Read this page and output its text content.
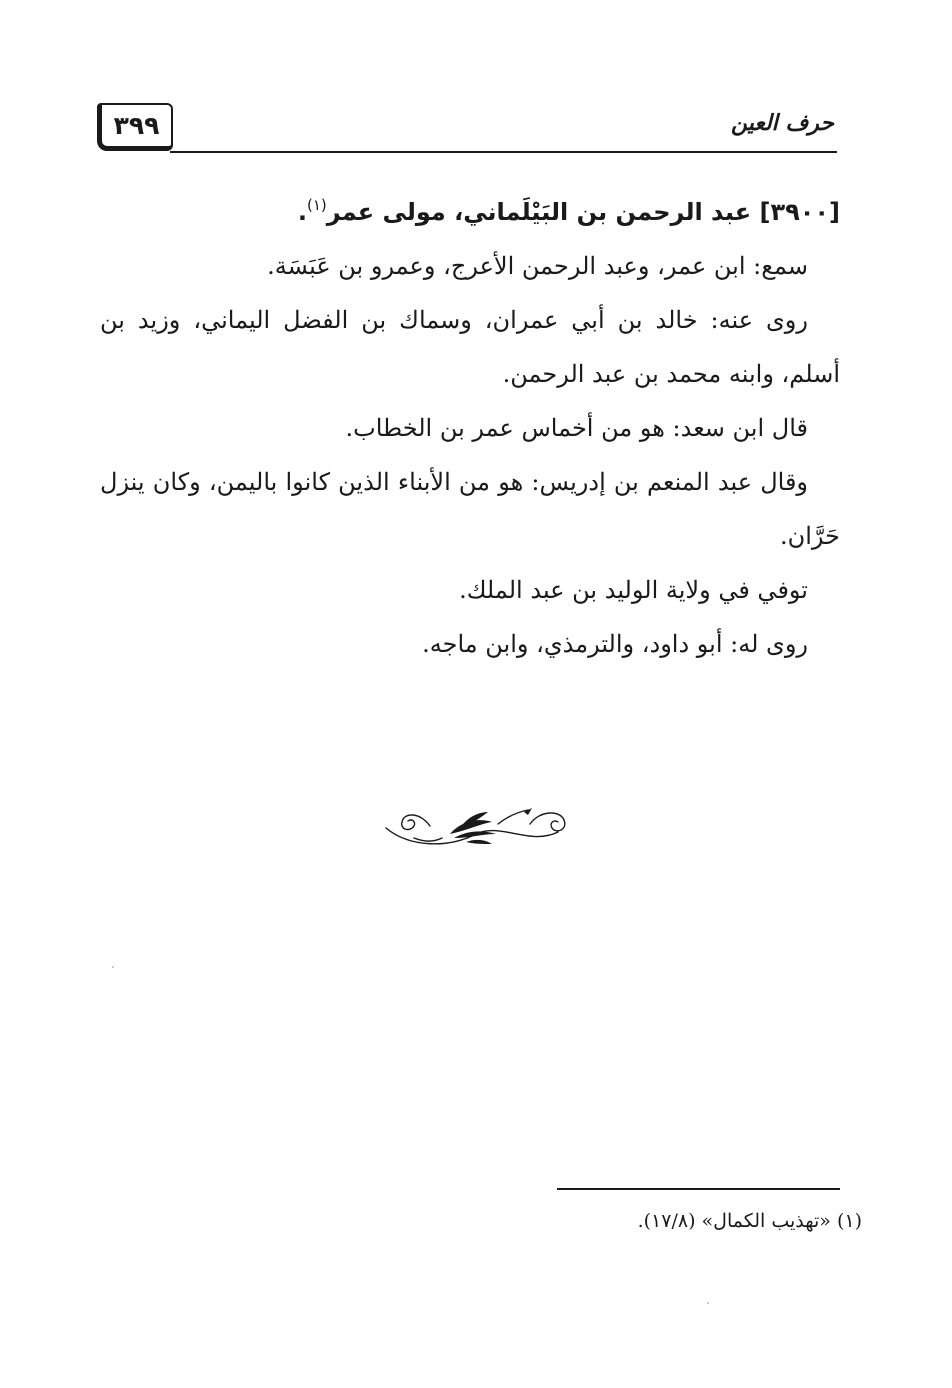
٣٩٩	حرف العين

[٣٩٠٠] عبد الرحمن بن البَيْلَماني، مولى عمر$^{(١)}$.

سمع: ابن عمر، وعبد الرحمن الأعرج، وعمرو بن عَبَسَة.

روى عنه: خالد بن أبي عمران، وسماك بن الفضل اليماني، وزيد بن أسلم، وابنه محمد بن عبد الرحمن.

قال ابن سعد: هو من أخماس عمر بن الخطاب.

وقال عبد المنعم بن إدريس: هو من الأبناء الذين كانوا باليمن، وكان ينزل حَرَّان.

توفي في ولاية الوليد بن عبد الملك.

روى له: أبو داود، والترمذي، وابن ماجه.

(١) «تهذيب الكمال» (١٧/٨).
